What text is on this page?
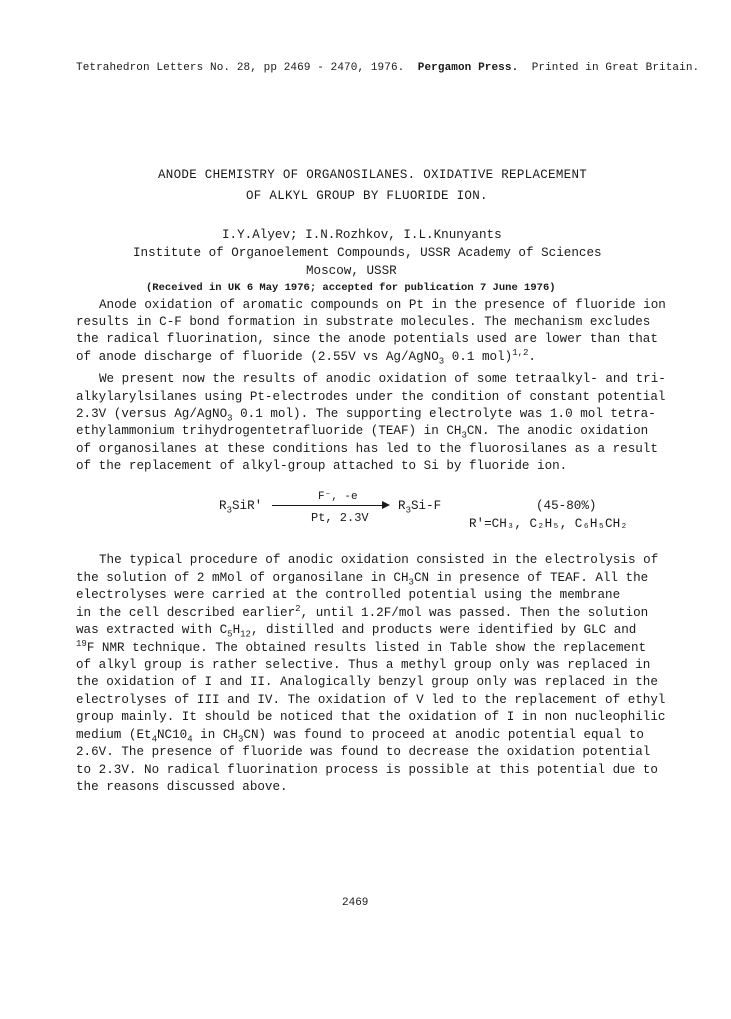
Tetrahedron Letters No. 28, pp 2469 - 2470, 1976. Pergamon Press. Printed in Great Britain.
ANODE CHEMISTRY OF ORGANOSILANES. OXIDATIVE REPLACEMENT
OF ALKYL GROUP BY FLUORIDE ION.
I.Y.Alyev; I.N.Rozhkov, I.L.Knunyants
Institute of Organoelement Compounds, USSR Academy of Sciences
Moscow, USSR
(Received in UK 6 May 1976; accepted for publication 7 June 1976)
Anode oxidation of aromatic compounds on Pt in the presence of fluoride ion
results in C-F bond formation in substrate molecules. The mechanism excludes
the radical fluorination, since the anode potentials used are lower than that
of anode discharge of fluoride (2.55V vs Ag/AgNO$_3$ 0.1 mol)$^{1,2}$.
We present now the results of anodic oxidation of some tetraalkyl- and tri-
alkylarylsilanes using Pt-electrodes under the condition of constant potential
2.3V (versus Ag/AgNO$_3$ 0.1 mol). The supporting electrolyte was 1.0 mol tetra-
ethylammonium trihydrogentetrafluoride (TEAF) in $CH_3CN$. The anodic oxidation
of organosilanes at these conditions has led to the fluorosilanes as a result
of the replacement of alkyl-group attached to Si by fluoride ion.
$R_3SiR'$
F⁻, -e
Pt, 2.3V
$R_3Si-F$	(45-80%)
R'=CH₃, C₂H₅, C₆H₅CH₂
The typical procedure of anodic oxidation consisted in the electrolysis of
the solution of 2 mMol of organosilane in $CH_3CN$ in presence of TEAF. All the
electrolyses were carried at the controlled potential using the membrane
in the cell described earlier$^2$, until 1.2F/mol was passed. Then the solution
was extracted with $C_5H_{12}$, distilled and products were identified by GLC and
$^{19}$F NMR technique. The obtained results listed in Table show the replacement
of alkyl group is rather selective. Thus a methyl group only was replaced in
the oxidation of I and II. Analogically benzyl group only was replaced in the
electrolyses of III and IV. The oxidation of V led to the replacement of ethyl
group mainly. It should be noticed that the oxidation of I in non nucleophilic
medium ($Et_4NC10_4$ in $CH_3CN$) was found to proceed at anodic potential equal to
2.6V. The presence of fluoride was found to decrease the oxidation potential
to 2.3V. No radical fluorination process is possible at this potential due to
the reasons discussed above.
2469
